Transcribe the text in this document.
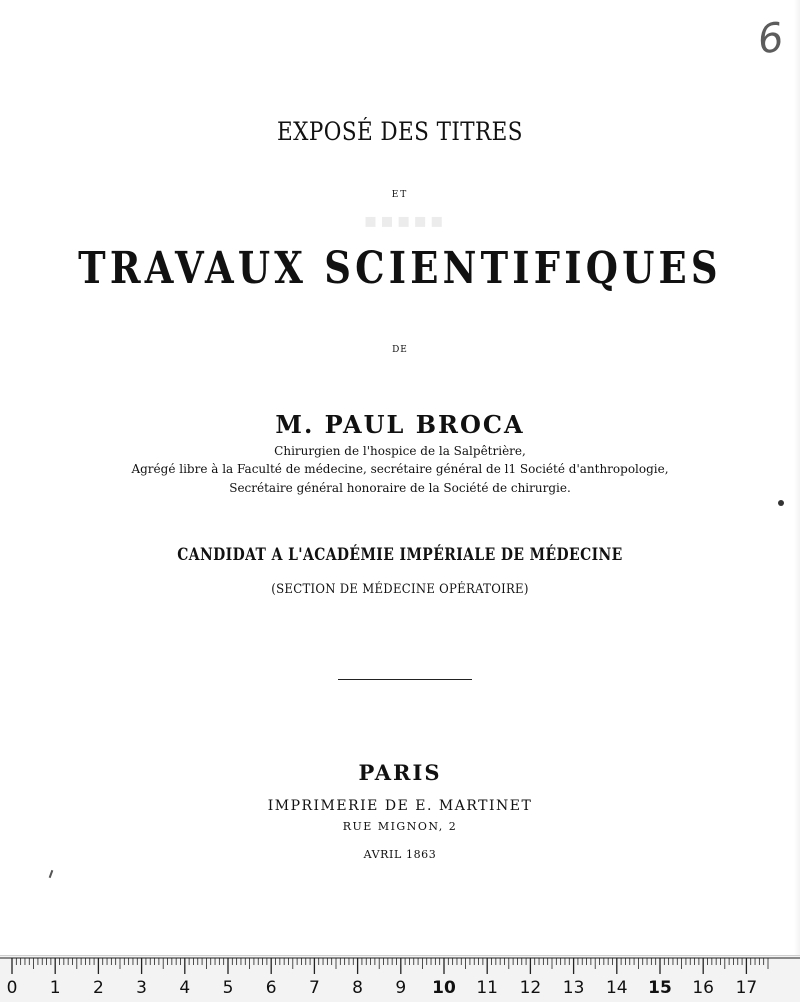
6
EXPOSÉ DES TITRES
ET
▪▪▪▪▪
TRAVAUX SCIENTIFIQUES
DE
M. PAUL BROCA
Chirurgien de l'hospice de la Salpêtrière,
Agrégé libre à la Faculté de médecine, secrétaire général de l1 Société d'anthropologie,
Secrétaire général honoraire de la Société de chirurgie.
CANDIDAT A L'ACADÉMIE IMPÉRIALE DE MÉDECINE
(SECTION DE MÉDECINE OPÉRATOIRE)
PARIS
IMPRIMERIE DE E. MARTINET
RUE MIGNON, 2
AVRIL 1863
0 1 2 3 4 5 6 7 8 9 10 11 12 13 14 15 16 17
